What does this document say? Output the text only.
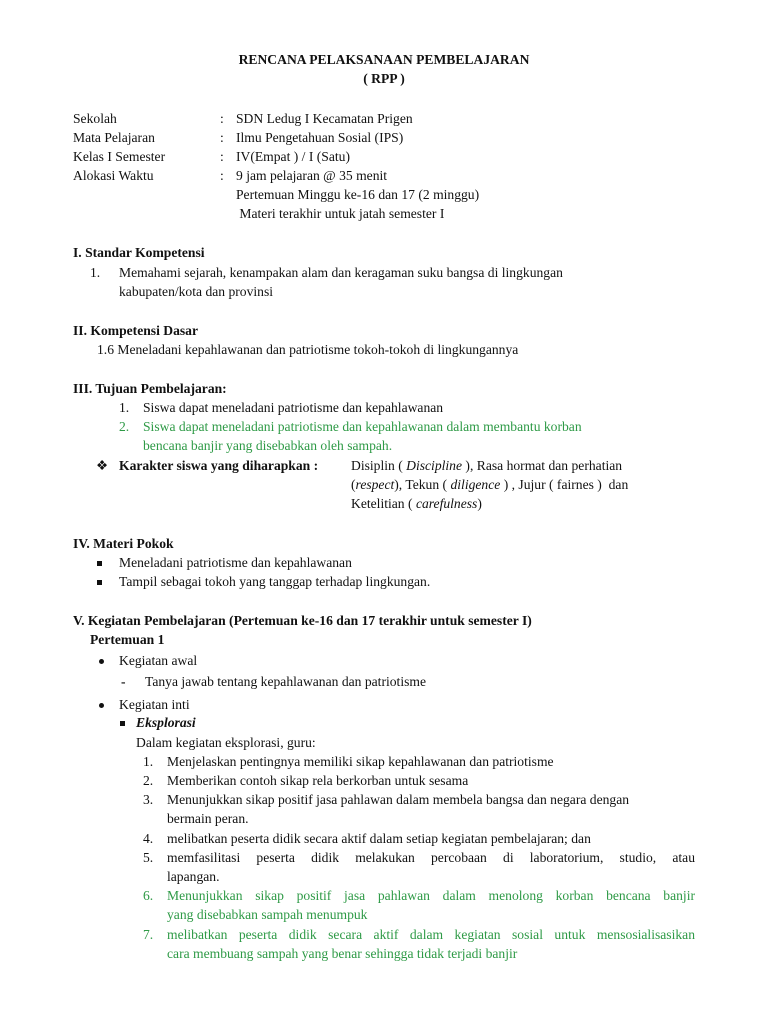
RENCANA PELAKSANAAN PEMBELAJARAN
( RPP )
Sekolah	: SDN Ledug I Kecamatan Prigen
Mata Pelajaran	: Ilmu Pengetahuan Sosial (IPS)
Kelas I Semester	: IV(Empat ) / I (Satu)
Alokasi Waktu	: 9 jam pelajaran @ 35 menit
Pertemuan Minggu ke-16 dan 17 (2 minggu)
Materi terakhir untuk jatah semester I
I. Standar Kompetensi
1. Memahami sejarah, kenampakan alam dan keragaman suku bangsa di lingkungan
kabupaten/kota dan provinsi
II. Kompetensi Dasar
1.6 Meneladani kepahlawanan dan patriotisme tokoh-tokoh di lingkungannya
III. Tujuan Pembelajaran:
1. Siswa dapat meneladani patriotisme dan kepahlawanan
2. Siswa dapat meneladani patriotisme dan kepahlawanan dalam membantu korban
bencana banjir yang disebabkan oleh sampah.
❖ Karakter siswa yang diharapkan : Disiplin ( Discipline ), Rasa hormat dan perhatian
(respect), Tekun ( diligence ) , Jujur ( fairnes )  dan
Ketelitian ( carefulness)
IV. Materi Pokok
Meneladani patriotisme dan kepahlawanan
Tampil sebagai tokoh yang tanggap terhadap lingkungan.
V. Kegiatan Pembelajaran (Pertemuan ke-16 dan 17 terakhir untuk semester I)
Pertemuan 1
Kegiatan awal
- Tanya jawab tentang kepahlawanan dan patriotisme
Kegiatan inti
Eksplorasi
Dalam kegiatan eksplorasi, guru:
1. Menjelaskan pentingnya memiliki sikap kepahlawanan dan patriotisme
2. Memberikan contoh sikap rela berkorban untuk sesama
3. Menunjukkan sikap positif jasa pahlawan dalam membela bangsa dan negara dengan
bermain peran.
4. melibatkan peserta didik secara aktif dalam setiap kegiatan pembelajaran; dan
5. memfasilitasi peserta didik melakukan percobaan di laboratorium, studio, atau
lapangan.
6. Menunjukkan sikap positif jasa pahlawan dalam menolong korban bencana banjir
yang disebabkan sampah menumpuk
7. melibatkan peserta didik secara aktif dalam kegiatan sosial untuk mensosialisasikan
cara membuang sampah yang benar sehingga tidak terjadi banjir
